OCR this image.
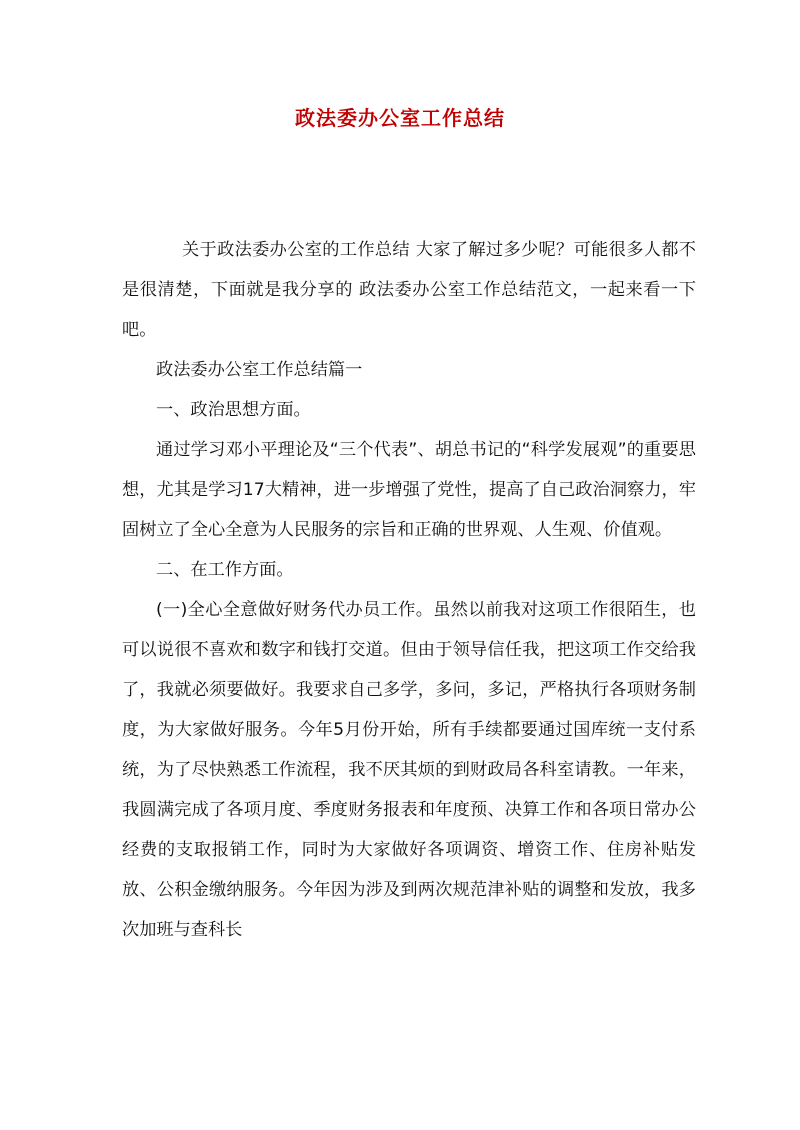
政法委办公室工作总结

关于政法委办公室的工作总结 大家了解过多少呢？可能很多人都不是很清楚，下面就是我分享的 政法委办公室工作总结范文，一起来看一下吧。

政法委办公室工作总结篇一

一、政治思想方面。

通过学习邓小平理论及“三个代表”、胡总书记的“科学发展观”的重要思想，尤其是学习17大精神，进一步增强了党性，提高了自己政治洞察力，牢固树立了全心全意为人民服务的宗旨和正确的世界观、人生观、价值观。

二、在工作方面。

(一)全心全意做好财务代办员工作。虽然以前我对这项工作很陌生，也可以说很不喜欢和数字和钱打交道。但由于领导信任我，把这项工作交给我了，我就必须要做好。我要求自己多学，多问，多记，严格执行各项财务制度，为大家做好服务。今年5月份开始，所有手续都要通过国库统一支付系统，为了尽快熟悉工作流程，我不厌其烦的到财政局各科室请教。一年来，我圆满完成了各项月度、季度财务报表和年度预、决算工作和各项日常办公经费的支取报销工作，同时为大家做好各项调资、增资工作、住房补贴发放、公积金缴纳服务。今年因为涉及到两次规范津补贴的调整和发放，我多次加班与查科长
